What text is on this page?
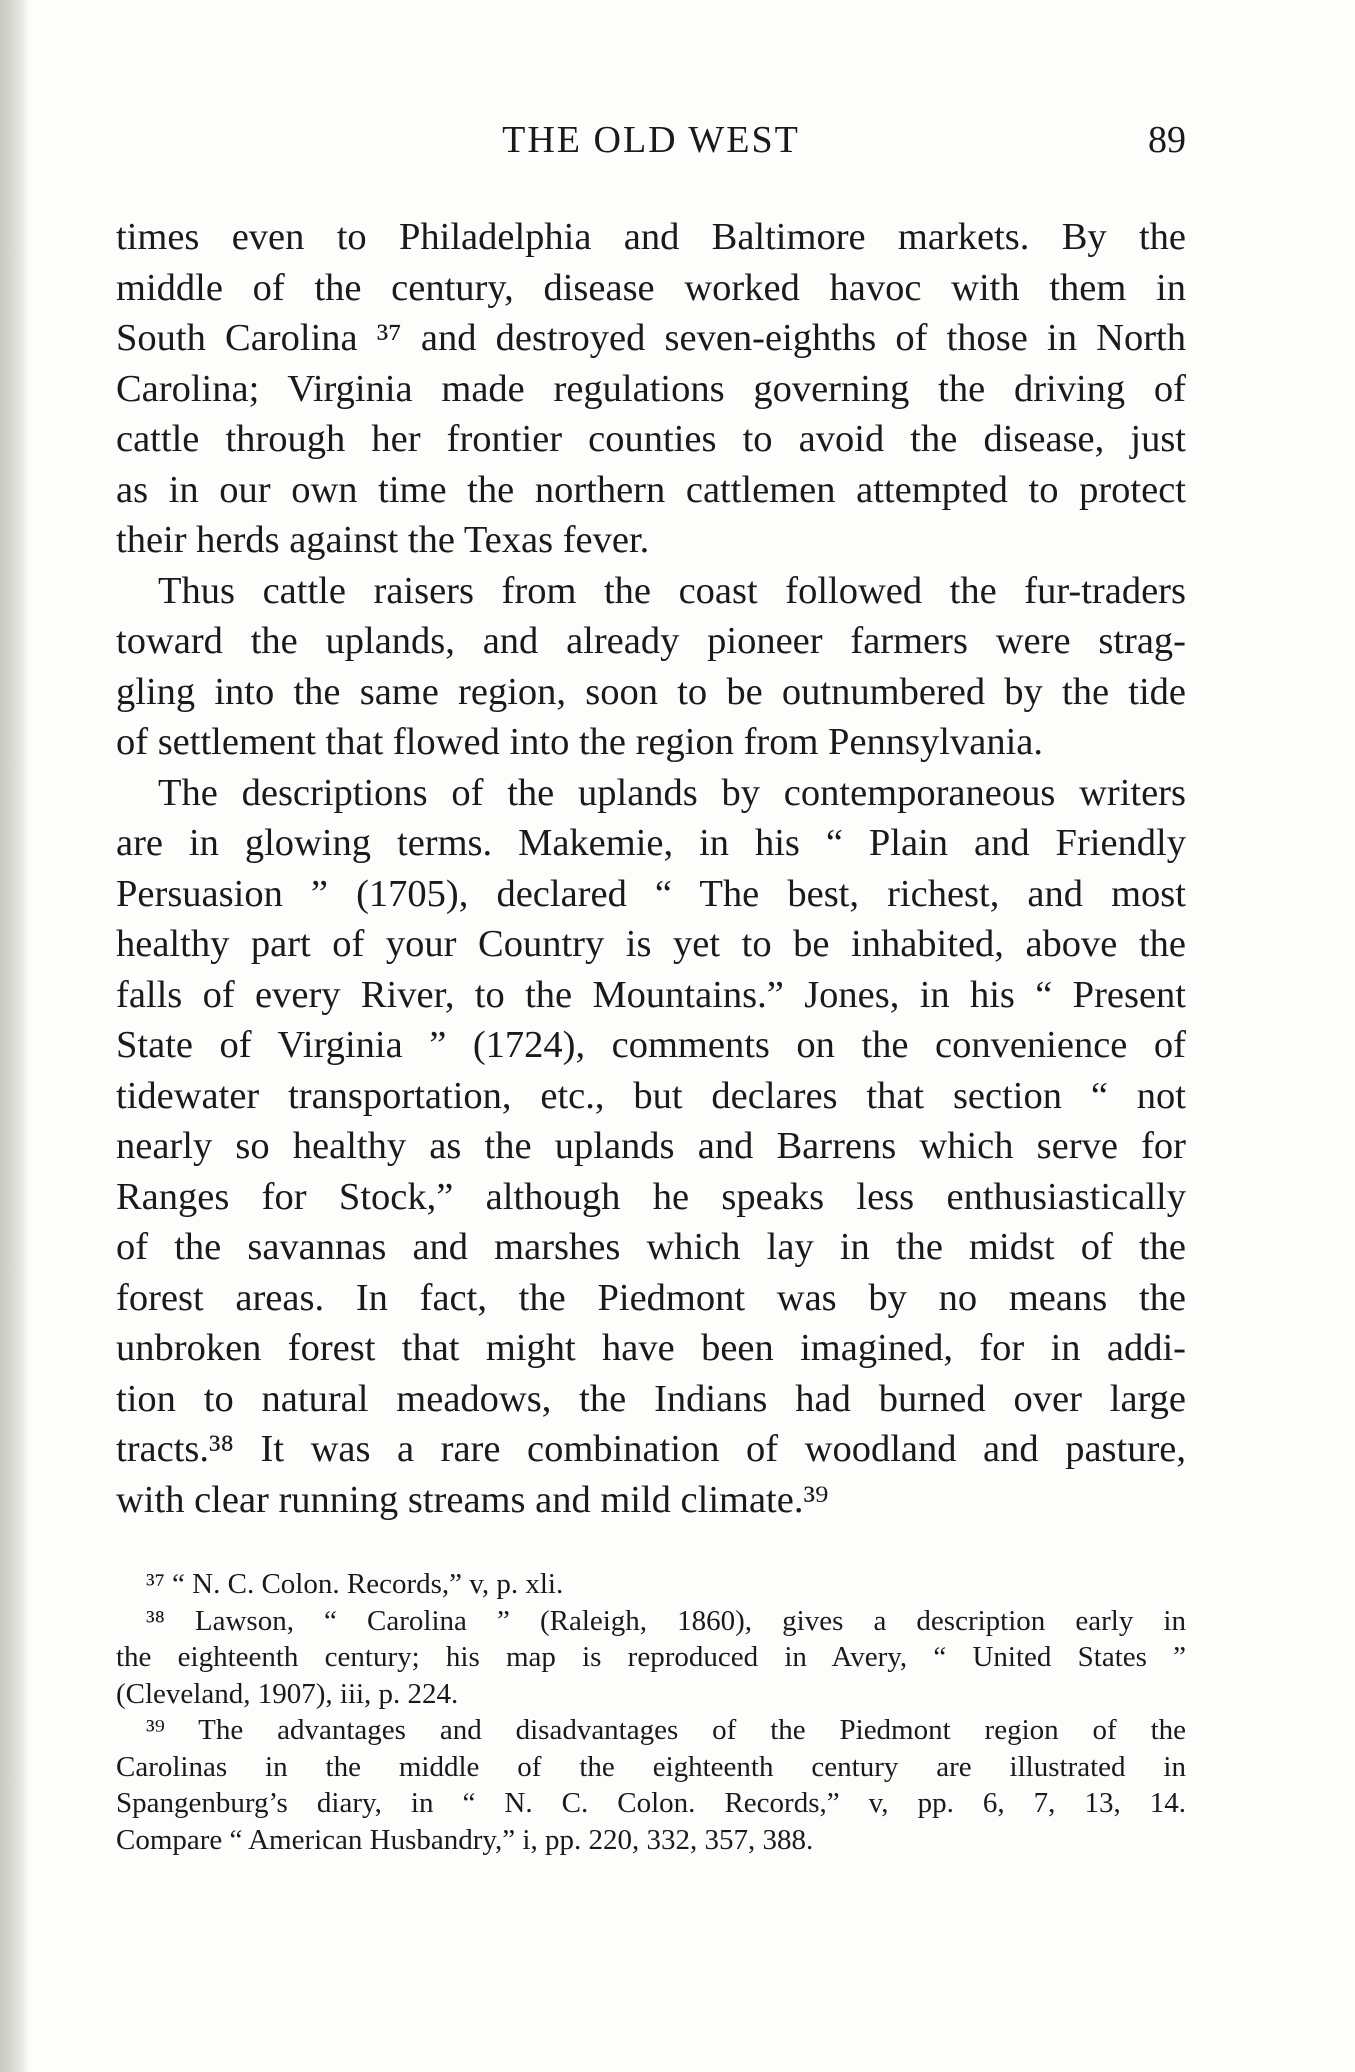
THE OLD WEST	89
times even to Philadelphia and Baltimore markets. By the
middle of the century, disease worked havoc with them in
South Carolina ³⁷ and destroyed seven-eighths of those in North
Carolina; Virginia made regulations governing the driving of
cattle through her frontier counties to avoid the disease, just
as in our own time the northern cattlemen attempted to protect
their herds against the Texas fever.
Thus cattle raisers from the coast followed the fur-traders
toward the uplands, and already pioneer farmers were strag-
gling into the same region, soon to be outnumbered by the tide
of settlement that flowed into the region from Pennsylvania.
The descriptions of the uplands by contemporaneous writers
are in glowing terms. Makemie, in his “ Plain and Friendly
Persuasion ” (1705), declared “ The best, richest, and most
healthy part of your Country is yet to be inhabited, above the
falls of every River, to the Mountains.” Jones, in his “ Present
State of Virginia ” (1724), comments on the convenience of
tidewater transportation, etc., but declares that section “ not
nearly so healthy as the uplands and Barrens which serve for
Ranges for Stock,” although he speaks less enthusiastically
of the savannas and marshes which lay in the midst of the
forest areas. In fact, the Piedmont was by no means the
unbroken forest that might have been imagined, for in addi-
tion to natural meadows, the Indians had burned over large
tracts.³⁸ It was a rare combination of woodland and pasture,
with clear running streams and mild climate.³⁹
³⁷ “ N. C. Colon. Records,” v, p. xli.
³⁸ Lawson, “ Carolina ” (Raleigh, 1860), gives a description early in
the eighteenth century; his map is reproduced in Avery, “ United States ”
(Cleveland, 1907), iii, p. 224.
³⁹ The advantages and disadvantages of the Piedmont region of the
Carolinas in the middle of the eighteenth century are illustrated in
Spangenburg’s diary, in “ N. C. Colon. Records,” v, pp. 6, 7, 13, 14.
Compare “ American Husbandry,” i, pp. 220, 332, 357, 388.
